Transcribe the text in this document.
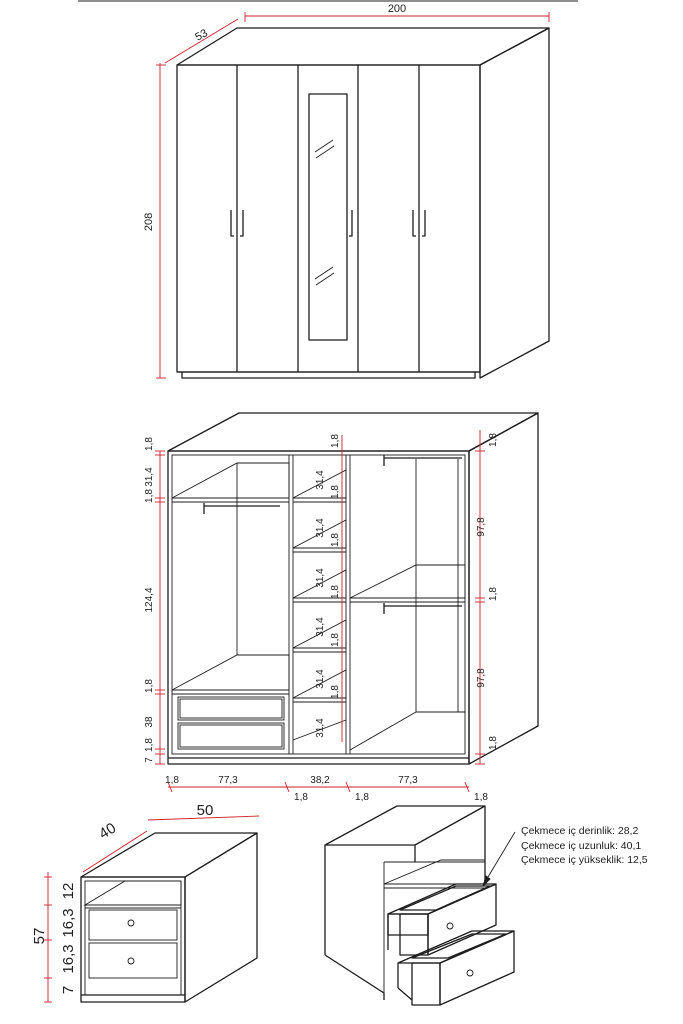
200
53
208
1,8
31,4
1,8
124,4
1,8
38
1,8
7
1,8
31,4
1,8
31,4
1,8
31,4
1,8
31,4
1,8
31,4
1,8
31,4
1,8
97,8
1,8
97,8
1,8
1,8	77,3	38,2	77,3
1,8	1,8	1,8
50
40
57
12
16,3
16,3
7
Çekmece iç derinlik: 28,2
Çekmece iç uzunluk: 40,1
Çekmece iç yükseklik: 12,5
